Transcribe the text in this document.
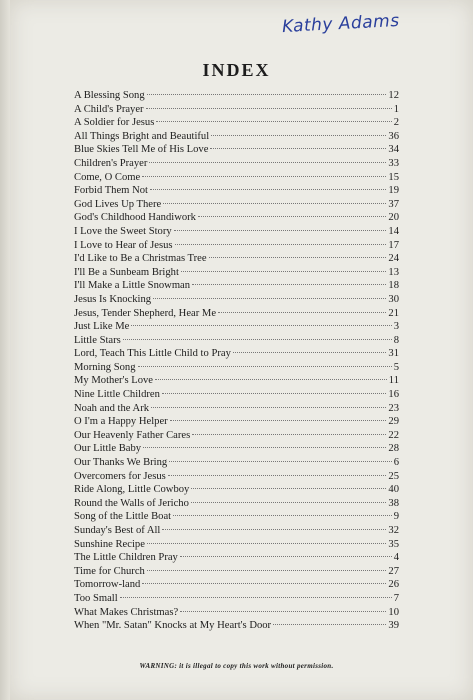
Kathy Adams
INDEX
A Blessing Song	12
A Child's Prayer	1
A Soldier for Jesus	2
All Things Bright and Beautiful	36
Blue Skies Tell Me of His Love	34
Children's Prayer	33
Come, O Come	15
Forbid Them Not	19
God Lives Up There	37
God's Childhood Handiwork	20
I Love the Sweet Story	14
I Love to Hear of Jesus	17
I'd Like to Be a Christmas Tree	24
I'll Be a Sunbeam Bright	13
I'll Make a Little Snowman	18
Jesus Is Knocking	30
Jesus, Tender Shepherd, Hear Me	21
Just Like Me	3
Little Stars	8
Lord, Teach This Little Child to Pray	31
Morning Song	5
My Mother's Love	11
Nine Little Children	16
Noah and the Ark	23
O I'm a Happy Helper	29
Our Heavenly Father Cares	22
Our Little Baby	28
Our Thanks We Bring	6
Overcomers for Jesus	25
Ride Along, Little Cowboy	40
Round the Walls of Jericho	38
Song of the Little Boat	9
Sunday's Best of All	32
Sunshine Recipe	35
The Little Children Pray	4
Time for Church	27
Tomorrow-land	26
Too Small	7
What Makes Christmas?	10
When "Mr. Satan" Knocks at My Heart's Door	39
WARNING: it is illegal to copy this work without permission.
